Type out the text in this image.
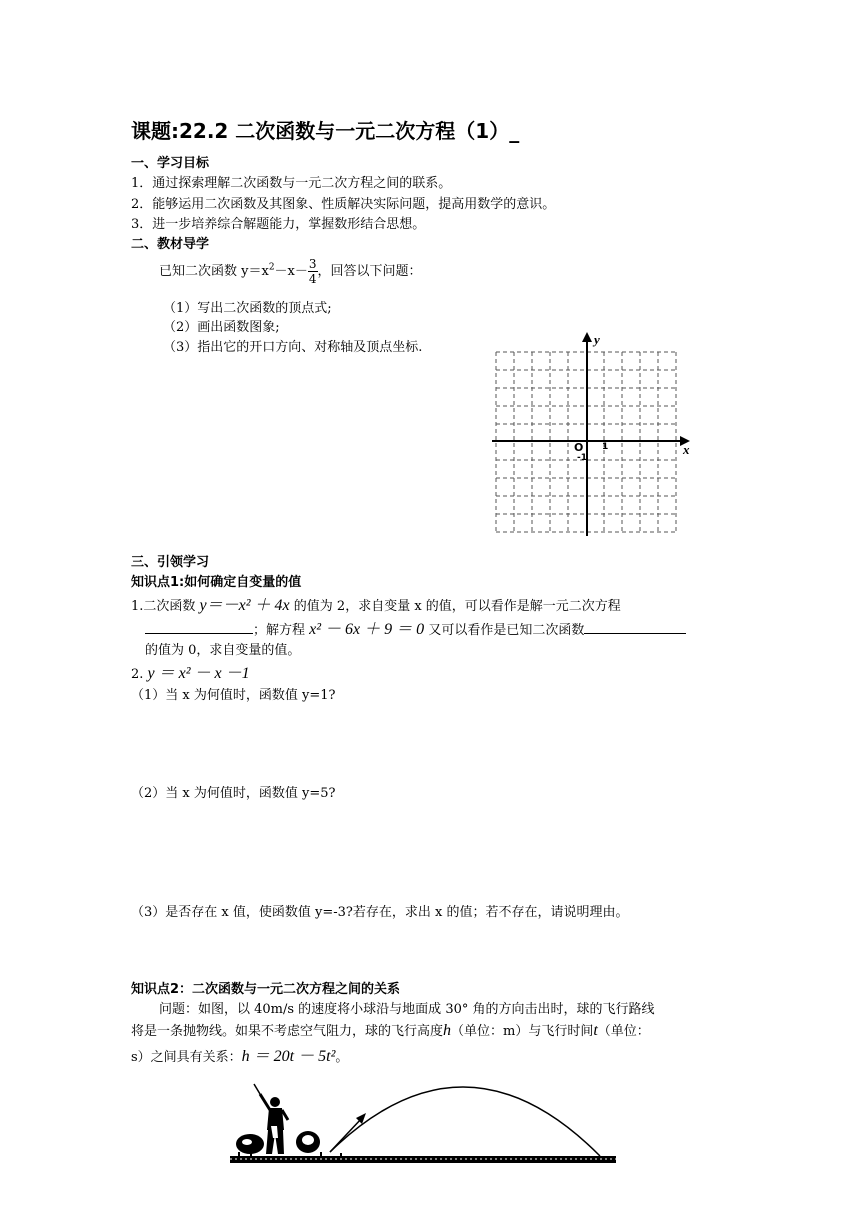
课题:22.2 二次函数与一元二次方程（1）_
一、学习目标
1．通过探索理解二次函数与一元二次方程之间的联系。
2．能够运用二次函数及其图象、性质解决实际问题，提高用数学的意识。
3．进一步培养综合解题能力，掌握数形结合思想。
二、教材导学
已知二次函数 $y=x^2-x- \frac{3}{4}$ ，回答以下问题：
（1）写出二次函数的顶点式;
（2）画出函数图象;
（3）指出它的开口方向、对称轴及顶点坐标.
x
y
O 1
-1
三、引领学习
知识点1:如何确定自变量的值
1.二次函数 y＝－x² ＋ 4x 的值为 2，求自变量 x 的值，可以看作是解一元二次方程
；解方程 x² － 6x ＋ 9 ＝ 0 又可以看作是已知二次函数
的值为 0，求自变量的值。
2. y ＝ x² － x －1
（1）当 x 为何值时，函数值 y=1?
（2）当 x 为何值时，函数值 y=5?
（3）是否存在 x 值，使函数值 y=-3?若存在，求出 x 的值；若不存在，请说明理由。
知识点2：二次函数与一元二次方程之间的关系
问题：如图，以 40m/s 的速度将小球沿与地面成 30° 角的方向击出时，球的飞行路线
将是一条抛物线。如果不考虑空气阻力，球的飞行高度h（单位：m）与飞行时间t（单位：
s）之间具有关系：h ＝ 20t － 5t²。
